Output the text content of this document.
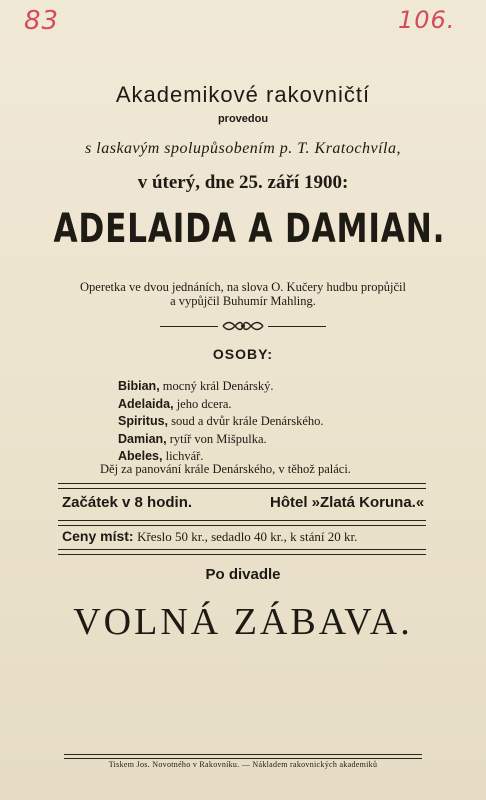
83	106.
Akademikové rakovničtí
provedou
s laskavým spolupůsobením p. T. Kratochvíla,
v úterý, dne 25. září 1900:
ADELAIDA A DAMIAN.
Operetka ve dvou jednáních, na slova O. Kučery hudbu propůjčil
a vypůjčil Buhumír Mahling.
OSOBY:
Bibian, mocný král Denárský.
Adelaida, jeho dcera.
Spiritus, soud a dvůr krále Denárského.
Damian, rytíř von Mišpulka.
Abeles, lichvář.
Děj za panování krále Denárského, v těhož paláci.
Začátek v 8 hodin.	Hôtel »Zlatá Koruna.«
Ceny míst: Křeslo 50 kr., sedadlo 40 kr., k stání 20 kr.
Po divadle
VOLNÁ ZÁBAVA.
Tiskem Jos. Novotného v Rakovníku. — Nákladem rakovnických akademiků
